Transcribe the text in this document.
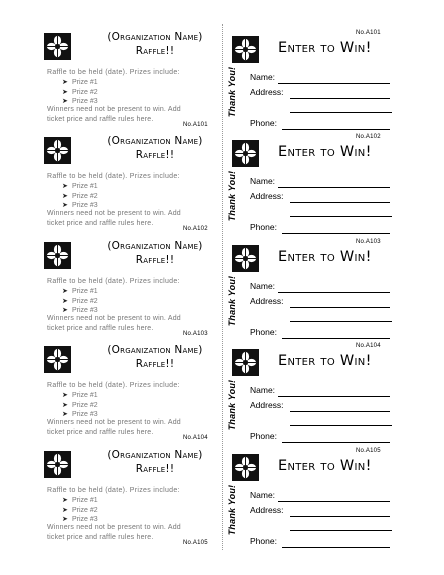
(Organization Name)
Raffle!!
Raffle to be held (date). Prizes include:
➤ Prize #1
➤ Prize #2
➤ Prize #3
Winners need not be present to win. Add
ticket price and raffle rules here.
No.A101
No.A101
Enter to Win!
Thank You! Name:
Address:
Phone:
(Organization Name)
Raffle!!
Raffle to be held (date). Prizes include:
➤ Prize #1
➤ Prize #2
➤ Prize #3
Winners need not be present to win. Add
ticket price and raffle rules here.
No.A102
No.A102
Enter to Win!
Thank You! Name:
Address:
Phone:
(Organization Name)
Raffle!!
Raffle to be held (date). Prizes include:
➤ Prize #1
➤ Prize #2
➤ Prize #3
Winners need not be present to win. Add
ticket price and raffle rules here.
No.A103
No.A103
Enter to Win!
Thank You! Name:
Address:
Phone:
(Organization Name)
Raffle!!
Raffle to be held (date). Prizes include:
➤ Prize #1
➤ Prize #2
➤ Prize #3
Winners need not be present to win. Add
ticket price and raffle rules here.
No.A104
No.A104
Enter to Win!
Thank You! Name:
Address:
Phone:
(Organization Name)
Raffle!!
Raffle to be held (date). Prizes include:
➤ Prize #1
➤ Prize #2
➤ Prize #3
Winners need not be present to win. Add
ticket price and raffle rules here.
No.A105
No.A105
Enter to Win!
Thank You! Name:
Address:
Phone:
